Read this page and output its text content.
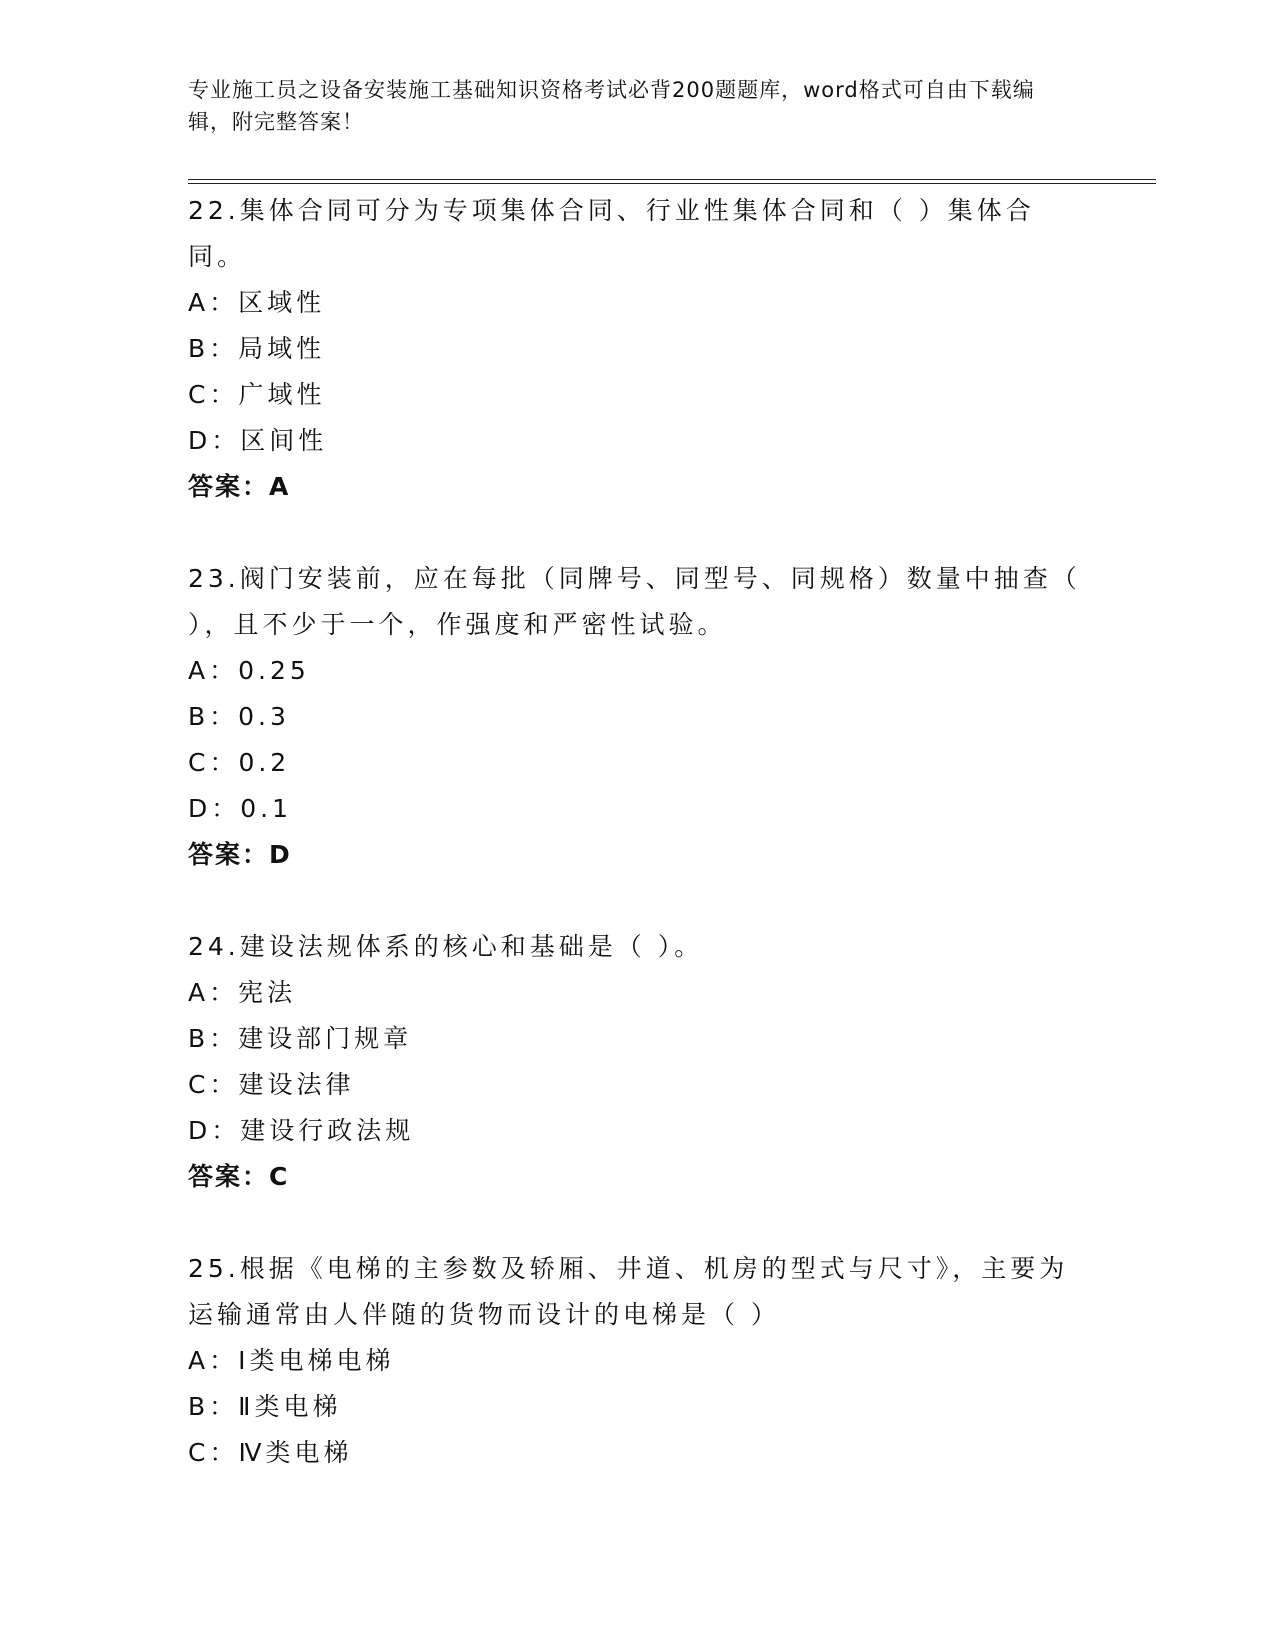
专业施工员之设备安装施工基础知识资格考试必背200题题库，word格式可自由下载编辑，附完整答案！

22.集体合同可分为专项集体合同、行业性集体合同和（ ）集体合同。

A：区域性

B：局域性

C：广域性

D：区间性

答案：A

23.阀门安装前，应在每批（同牌号、同型号、同规格）数量中抽查（ ），且不少于一个，作强度和严密性试验。

A：0.25

B：0.3

C：0.2

D：0.1

答案：D

24.建设法规体系的核心和基础是（ ）。

A：宪法

B：建设部门规章

C：建设法律

D：建设行政法规

答案：C

25.根据《电梯的主参数及轿厢、井道、机房的型式与尺寸》，主要为运输通常由人伴随的货物而设计的电梯是（ ）

A：Ⅰ类电梯电梯

B：Ⅱ类电梯

C：Ⅳ类电梯
